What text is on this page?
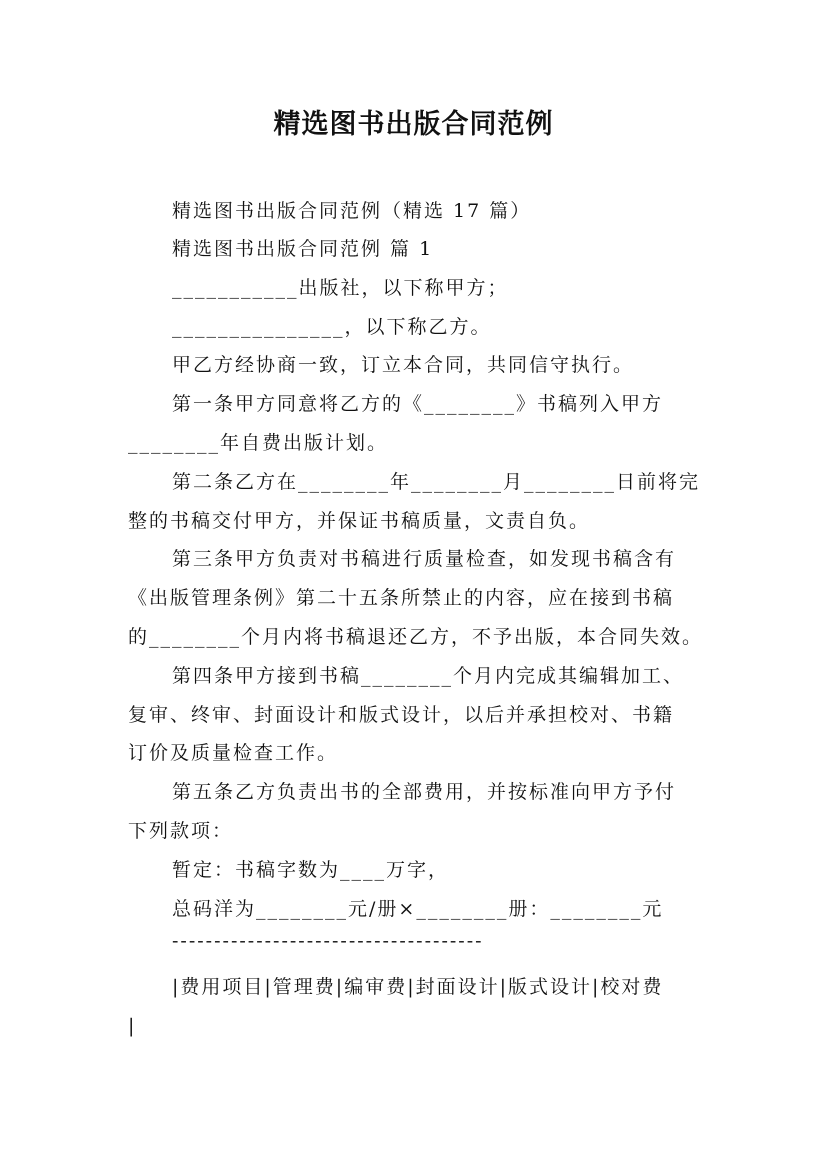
精选图书出版合同范例
精选图书出版合同范例（精选 17 篇）
精选图书出版合同范例 篇 1
___________出版社，以下称甲方；
_______________，以下称乙方。
甲乙方经协商一致，订立本合同，共同信守执行。
第一条甲方同意将乙方的《________》书稿列入甲方
________年自费出版计划。
第二条乙方在________年________月________日前将完
整的书稿交付甲方，并保证书稿质量，文责自负。
第三条甲方负责对书稿进行质量检查，如发现书稿含有
《出版管理条例》第二十五条所禁止的内容，应在接到书稿
的________个月内将书稿退还乙方，不予出版，本合同失效。
第四条甲方接到书稿________个月内完成其编辑加工、
复审、终审、封面设计和版式设计，以后并承担校对、书籍
订价及质量检查工作。
第五条乙方负责出书的全部费用，并按标准向甲方予付
下列款项：
暂定：书稿字数为____万字，
总码洋为________元/册×________册：________元
-------------------------------------
|费用项目|管理费|编审费|封面设计|版式设计|校对费
|
